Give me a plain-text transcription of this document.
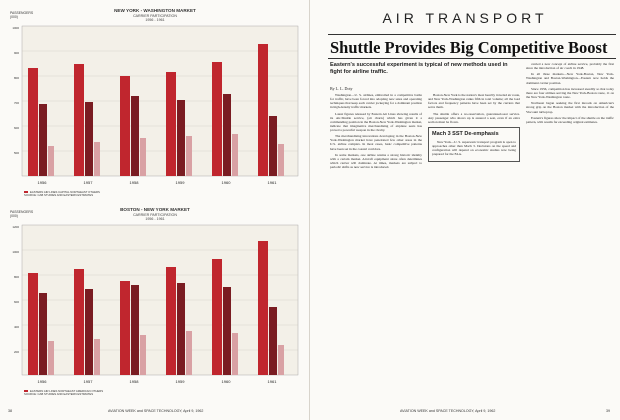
NEW YORK - WASHINGTON MARKET
CARRIER PARTICIPATION
1956 - 1961
PASSENGERS
(000)
1000
900
800
700
600
500
1956	1957	1958	1959	1960	1961
EASTERN AIR LINES CAPITAL NORTHEAST OTHERS
SOURCE: CAB STUDIES AND EASTERN ESTIMATES
BOSTON - NEW YORK MARKET
CARRIER PARTICIPATION
1956 - 1961
PASSENGERS
(000)
1200
1000
800
600
400
200
1956	1957	1958	1959	1960	1961
EASTERN AIR LINES NORTHEAST AMERICAN OTHERS
SOURCE: CAB STUDIES AND EASTERN ESTIMATES
38	AVIATION WEEK and SPACE TECHNOLOGY, April 9, 1962
AIR TRANSPORT
Shuttle Provides Big Competitive Boost
Eastern's successful experiment is typical of new methods used in fight for airline traffic.
By L. L. Doty

Washington—U. S. airlines, embroiled in a competitive battle for traffic, have been forced into adopting new sales and operating techniques that keep each carrier jockeying for a dominant position in high-density traffic markets.

Latest figures released by Eastern Air Lines showing results of its Air-Shuttle service, (air charts) which has given it a commanding position in the Boston-New York-Washington market, indicate that imaginative merchandising of airplane seats has proved a powerful weapon in the rivalry.

The merchandising innovations developing in the Boston-New York-Washington market have penetrated few other areas in the U.S. airline complex. In most cases, basic competitive patterns have been set in the coastal corridors.

In some markets, one airline retains a strong historic identity with a certain market. Aircraft equipment alone often determines which carrier will dominate. At times, markets are subject to periodic shifts as new service is introduced.

Boston-New York is the nation's most heavily traveled air route, and New York-Washington ranks fifth in total volume; all the load factors and frequency patterns have been set by the carriers that serve them.

The shuttle offers a no-reservation, guaranteed-seat service. Any passenger who shows up is assured a seat, even if an extra section must be flown.

Mach 3 SST De-emphasis

New York—U. S. supersonic transport program is open to approaches other than Mach 3. Decisions on the speed and configuration will depend on economic studies now being prepared for the FAA.

carried a new concept of airline service, probably the first since the introduction of air coach in 1948.

In all three markets—New York-Boston, New York-Washington and Boston-Washington—Eastern now holds the dominant carrier position.

Since 1956, competition has increased steadily so that today there are four airlines serving the New York-Boston route, 11 on the New York-Washington route.

Northeast began seeking the first inroads on American's strong grip on the Boston market with the introduction of the Viscount turboprop.

Eastern's figures show the impact of the shuttle on the traffic pattern, with results far exceeding original estimates.

AVIATION WEEK and SPACE TECHNOLOGY, April 9, 1962	39
